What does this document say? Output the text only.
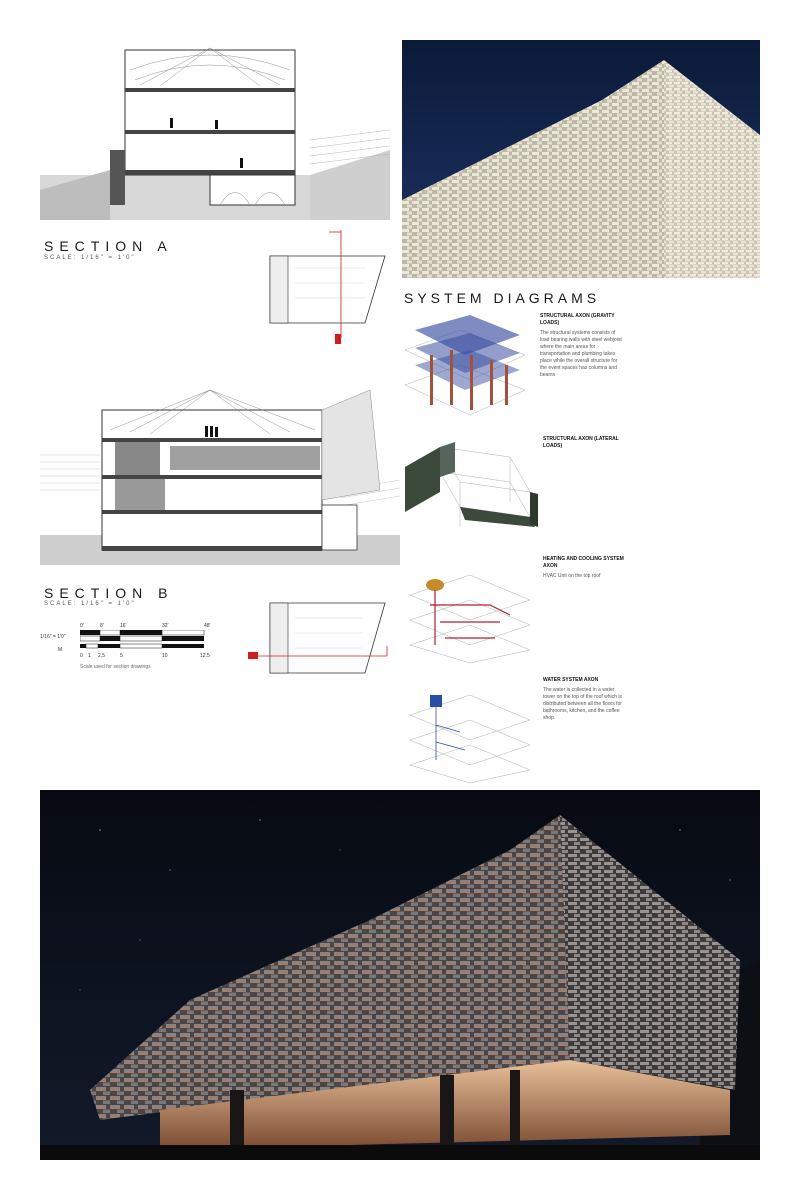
SECTION A
SCALE: 1/16" = 1'0"
SECTION B
SCALE: 1/16" = 1'0"
1/16" = 1'0"
M
0'	8'	16'	32'	48'
0 1 2.5	5	10	12.5
Scale used for section drawings
SYSTEM DIAGRAMS
STRUCTURAL AXON (GRAVITY LOADS)
The structural systems consists of load bearing walls with steel webjoist where the main areas for transportation and plumbing takes place while the overall structure for the event spaces has columns and beams
STRUCTURAL AXON (LATERAL LOADS)
HEATING AND COOLING SYSTEM AXON
HVAC Unit on the top roof
WATER SYSTEM AXON
The water is collected in a water tower on the top of the roof which is distributed between all the floors for bathrooms, kitchen, and the coffee shop.
